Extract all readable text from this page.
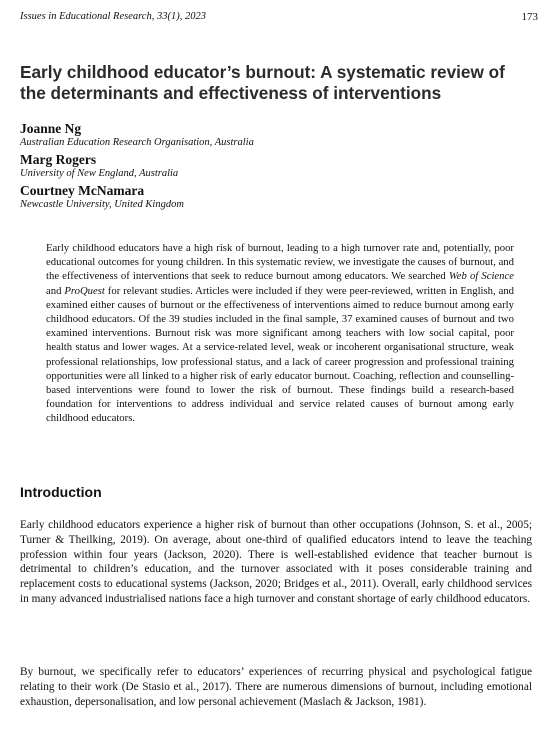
Issues in Educational Research, 33(1), 2023	173
Early childhood educator’s burnout: A systematic review of the determinants and effectiveness of interventions
Joanne Ng
Australian Education Research Organisation, Australia
Marg Rogers
University of New England, Australia
Courtney McNamara
Newcastle University, United Kingdom
Early childhood educators have a high risk of burnout, leading to a high turnover rate and, potentially, poor educational outcomes for young children. In this systematic review, we investigate the causes of burnout, and the effectiveness of interventions that seek to reduce burnout among educators. We searched Web of Science and ProQuest for relevant studies. Articles were included if they were peer-reviewed, written in English, and examined either causes of burnout or the effectiveness of interventions aimed to reduce burnout among early childhood educators. Of the 39 studies included in the final sample, 37 examined causes of burnout and two examined interventions. Burnout risk was more significant among teachers with low social capital, poor health status and lower wages. At a service-related level, weak or incoherent organisational structure, weak professional relationships, low professional status, and a lack of career progression and professional training opportunities were all linked to a higher risk of early educator burnout. Coaching, reflection and counselling-based interventions were found to lower the risk of burnout. These findings build a research-based foundation for interventions to address individual and service related causes of burnout among early childhood educators.
Introduction
Early childhood educators experience a higher risk of burnout than other occupations (Johnson, S. et al., 2005; Turner & Theilking, 2019). On average, about one-third of qualified educators intend to leave the teaching profession within four years (Jackson, 2020). There is well-established evidence that teacher burnout is detrimental to children’s education, and the turnover associated with it poses considerable training and replacement costs to educational systems (Jackson, 2020; Bridges et al., 2011). Overall, early childhood services in many advanced industrialised nations face a high turnover and constant shortage of early childhood educators.
By burnout, we specifically refer to educators’ experiences of recurring physical and psychological fatigue relating to their work (De Stasio et al., 2017). There are numerous dimensions of burnout, including emotional exhaustion, depersonalisation, and low personal achievement (Maslach & Jackson, 1981).
